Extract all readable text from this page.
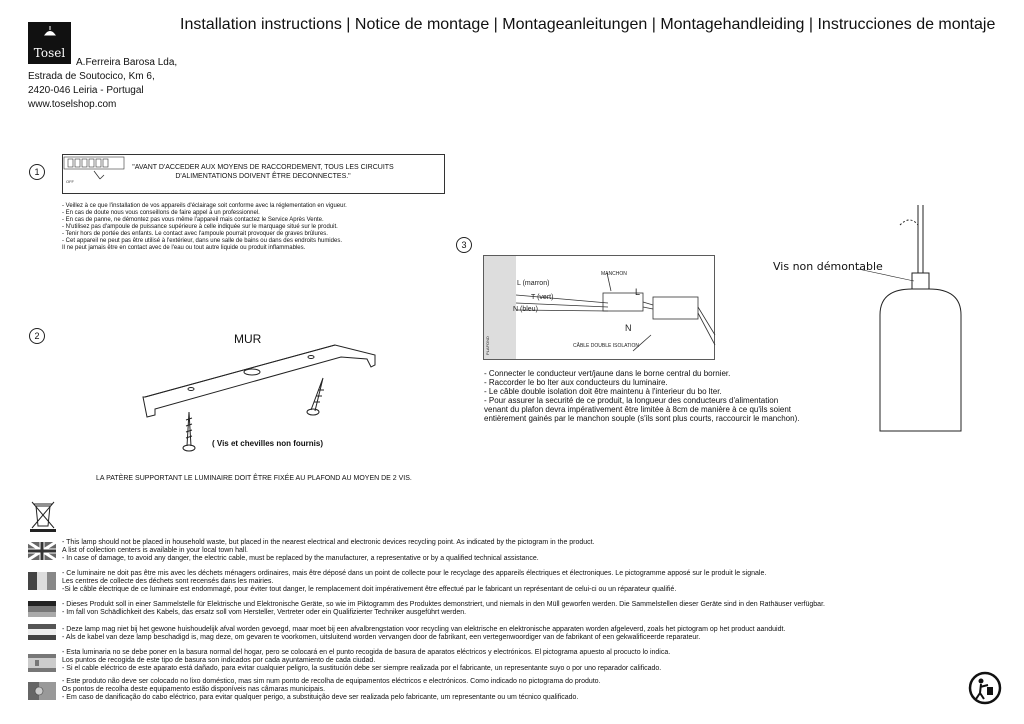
Installation instructions | Notice de montage | Montageanleitungen | Montagehandleiding | Instrucciones de montaje
Tosel
A.Ferreira Barosa Lda,
Estrada de Soutocico, Km 6,
2420-046 Leiria - Portugal
www.toselshop.com
1
OFF
"AVANT D'ACCEDER AUX MOYENS DE RACCORDEMENT, TOUS LES CIRCUITS D'ALIMENTATIONS DOIVENT ÊTRE DECONNECTES."
- Veillez à ce que l'installation de vos appareils d'éclairage soit conforme avec la réglementation en vigueur.
- En cas de doute nous vous conseillons de faire appel à un professionnel.
- En cas de panne, ne démontez pas vous même l'appareil mais contactez le Service Après Vente.
- N'utilisez pas d'ampoule de puissance supérieure à celle indiquée sur le marquage situé sur le produit.
- Tenir hors de portée des enfants. Le contact avec l'ampoule pourrait provoquer de graves brûlures.
- Cet appareil ne peut pas être utilisé à l'extérieur, dans une salle de bains ou dans des endroits humides.
Il ne peut jamais être en contact avec de l'eau ou tout autre liquide ou produit inflammables.
2	MUR
( Vis et chevilles non fournis)
LA PATÈRE SUPPORTANT LE LUMINAIRE DOIT ÊTRE FIXÉE AU PLAFOND AU MOYEN DE 2 VIS.
3
MANCHON
L (marron)
T (vert)
N (bleu)
PLAFOND
L
N
CÂBLE DOUBLE ISOLATION
- Connecter le conducteur vert/jaune dans le borne central du bornier.
- Raccorder le bo lter aux conducteurs du luminaire.
- Le câble double isolation doit être maintenu à l'interieur du bo lter.
- Pour assurer la securité de ce produit, la longueur des conducteurs d'alimentation
venant du plafon devra impérativement être limitée à 8cm de manière à ce qu'ils soient
entièrement gainés par le manchon souple (s'ils sont plus courts, raccourcir le manchon).
Vis non démontable
- This lamp should not be placed in household waste, but placed in the nearest electrical and electronic devices recycling point. As indicated by the pictogram in the product.
A list of collection centers is available in your local town hall.
- In case of damage, to avoid any danger, the electric cable, must be replaced by the manufacturer, a representative or by a qualified technical assistance.
- Ce luminaire ne doit pas être mis avec les déchets ménagers ordinaires, mais être déposé dans un point de collecte pour le recyclage des appareils électriques et électroniques. Le pictogramme apposé sur le produit le signale.
Les centres de collecte des déchets sont recensés dans les mairies.
-Si le câble électrique de ce luminaire est endommagé, pour éviter tout danger, le remplacement doit impérativement être effectué par le fabricant un représentant de celui-ci ou un réparateur qualifié.
- Dieses Produkt soll in einer Sammelstelle für Elektrische und Elektronische Geräte, so wie im Piktogramm des Produktes demonstriert, und niemals in den Müll geworfen werden. Die Sammelstellen dieser Geräte sind in den Rathäuser verfügbar.
- Im fall von Schädlichkeit des Kabels, das ersatz soll vom Hersteller, Vertreter oder ein Qualifizierter Techniker ausgeführt werden.
- Deze lamp mag niet bij het gewone huishoudelijk afval worden gevoegd, maar moet bij een afvalbrengstation voor recycling van elektrische en elektronische apparaten worden afgeleverd, zoals het pictogram op het product aanduidt.
- Als de kabel van deze lamp beschadigd is, mag deze, om gevaren te voorkomen, uitsluitend worden vervangen door de fabrikant, een vertegenwoordiger van de fabrikant of een gekwalificeerde reparateur.
- Esta luminaria no se debe poner en la basura normal del hogar, pero se colocará en el punto recogida de basura de aparatos eléctricos y electrónicos. El pictograma apuesto al procucto lo indica.
Los puntos de recogida de este tipo de basura son indicados por cada ayuntamiento de cada ciudad.
- Si el cable eléctrico de este aparato está dañado, para evitar cualquier peligro, la sustitución debe ser siempre realizada por el fabricante, un representante suyo o por uno reparador calificado.
- Este produto não deve ser colocado no lixo doméstico, mas sim num ponto de recolha de equipamentos eléctricos e electrónicos. Como indicado no pictograma do produto.
Os pontos de recolha deste equipamento estão disponíveis nas câmaras municipais.
- Em caso de danificação do cabo eléctrico, para evitar qualquer perigo, a substituição deve ser realizada pelo fabricante, um representante ou um técnico qualificado.
